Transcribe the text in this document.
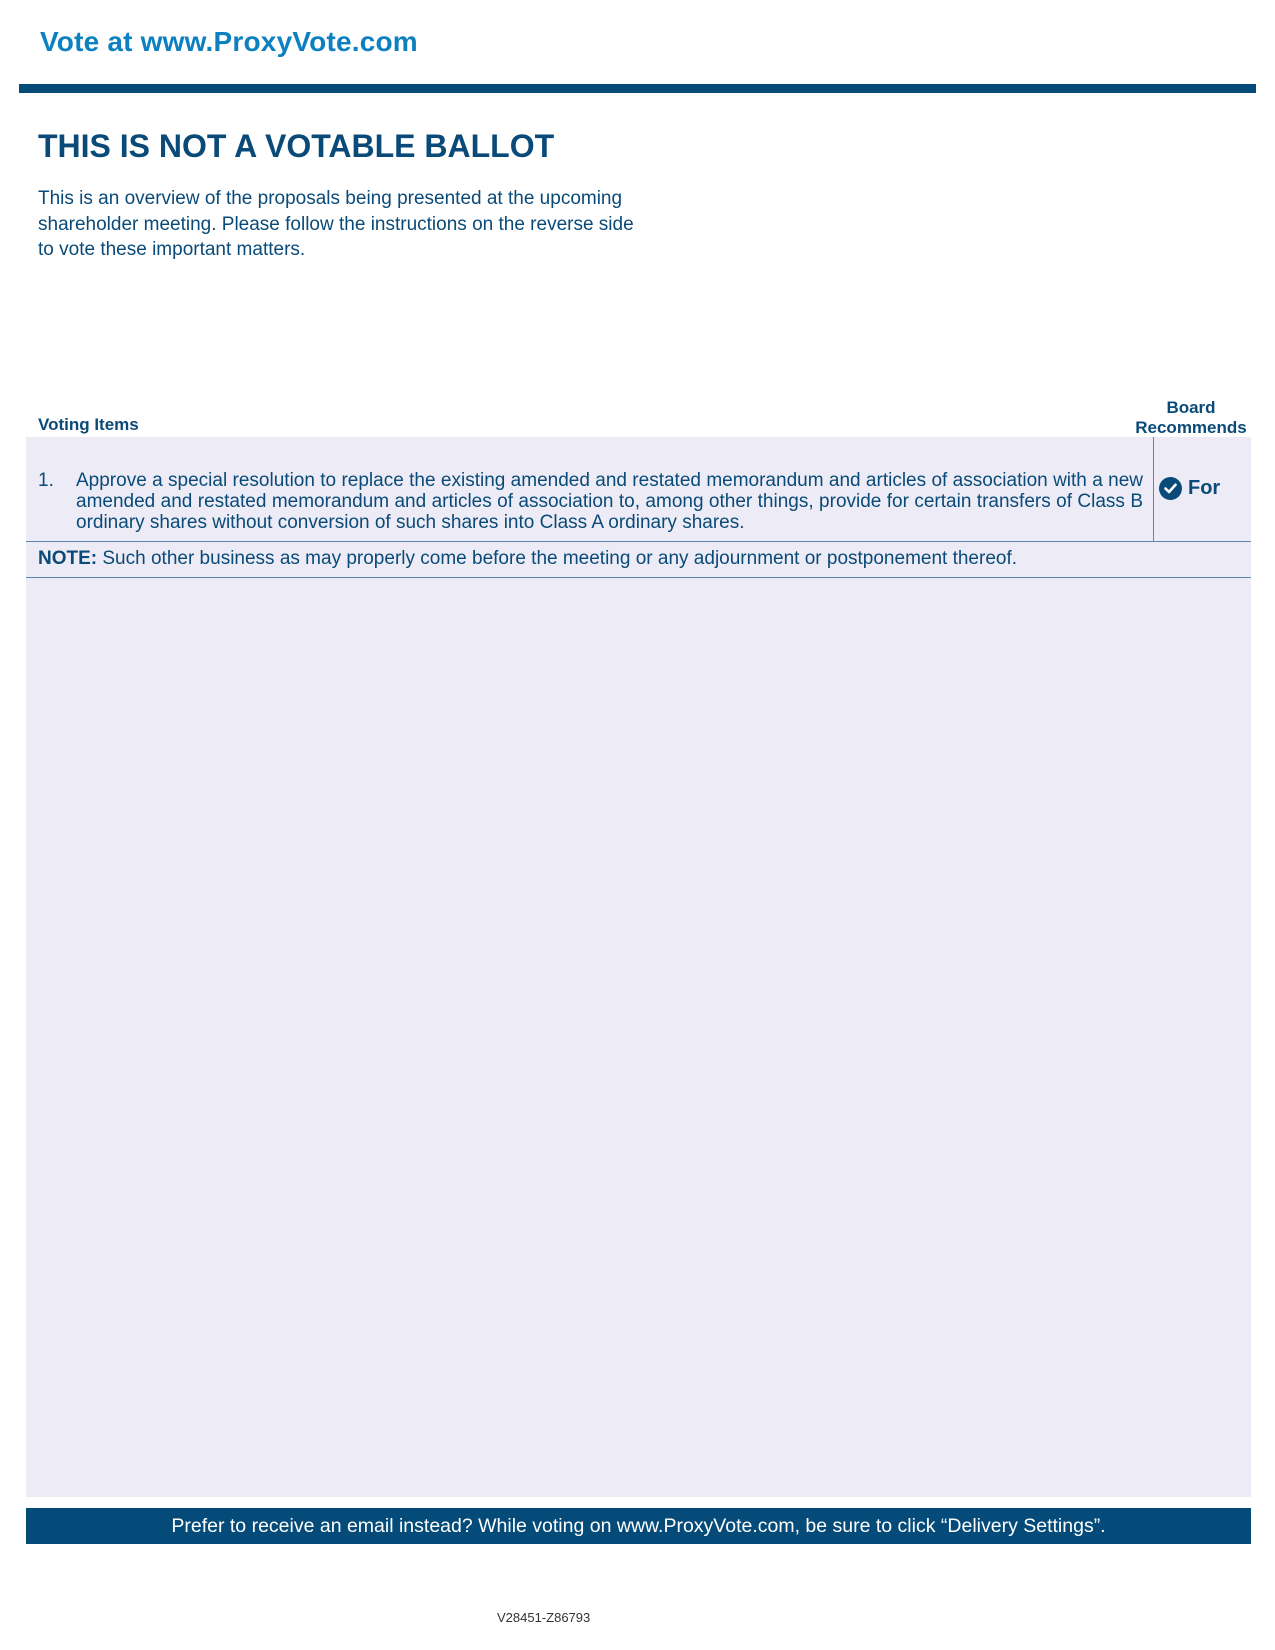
Vote at www.ProxyVote.com
THIS IS NOT A VOTABLE BALLOT
This is an overview of the proposals being presented at the upcoming shareholder meeting. Please follow the instructions on the reverse side to vote these important matters.
Voting Items
Board Recommends
1. Approve a special resolution to replace the existing amended and restated memorandum and articles of association with a new amended and restated memorandum and articles of association to, among other things, provide for certain transfers of Class B ordinary shares without conversion of such shares into Class A ordinary shares.
For
NOTE: Such other business as may properly come before the meeting or any adjournment or postponement thereof.
Prefer to receive an email instead? While voting on www.ProxyVote.com, be sure to click “Delivery Settings”.
V28451-Z86793
